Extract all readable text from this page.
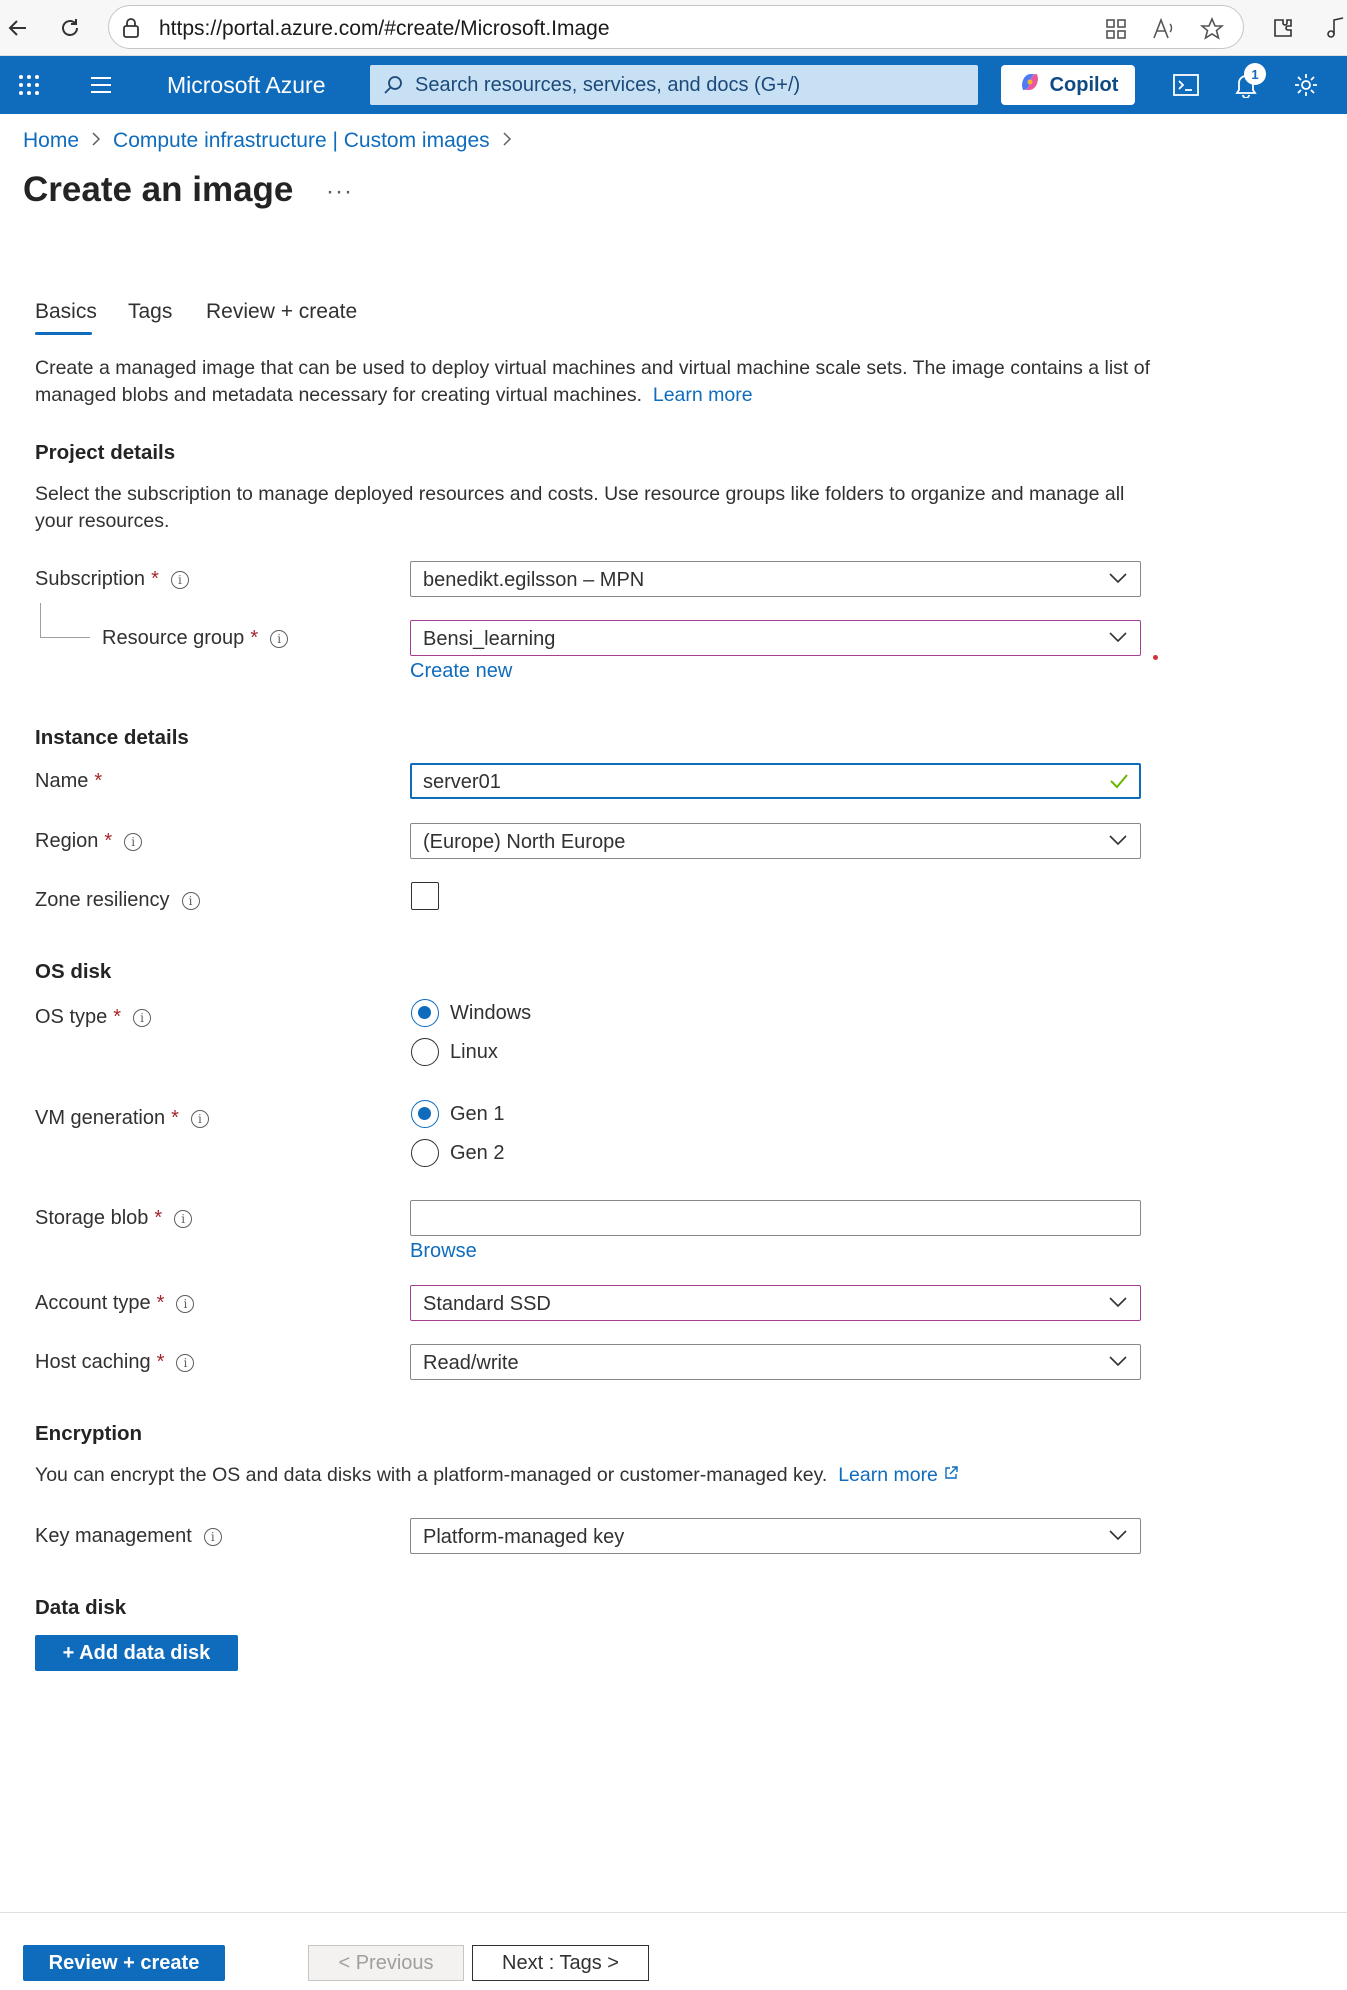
https://portal.azure.com/#create/Microsoft.Image
Microsoft Azure	Search resources, services, and docs (G+/)	Copilot	1
Home Compute infrastructure | Custom images
Create an image ···
Basics Tags Review + create
Create a managed image that can be used to deploy virtual machines and virtual machine scale sets. The image contains a list of managed blobs and metadata necessary for creating virtual machines. Learn more
Project details
Select the subscription to manage deployed resources and costs. Use resource groups like folders to organize and manage all your resources.
Subscription *	i	benedikt.egilsson – MPN
Resource group *	i	Bensi_learning
Create new
Instance details
Name *	server01
Region *	i	(Europe) North Europe
Zone resiliency	i
OS disk
OS type *	i	Windows
Linux
VM generation *	i	Gen 1
Gen 2
Storage blob *	i
Browse
Account type *	i	Standard SSD
Host caching *	i	Read/write
Encryption
You can encrypt the OS and data disks with a platform-managed or customer-managed key. Learn more
Key management	i	Platform-managed key
Data disk
+ Add data disk
Review + create	< Previous	Next : Tags >
